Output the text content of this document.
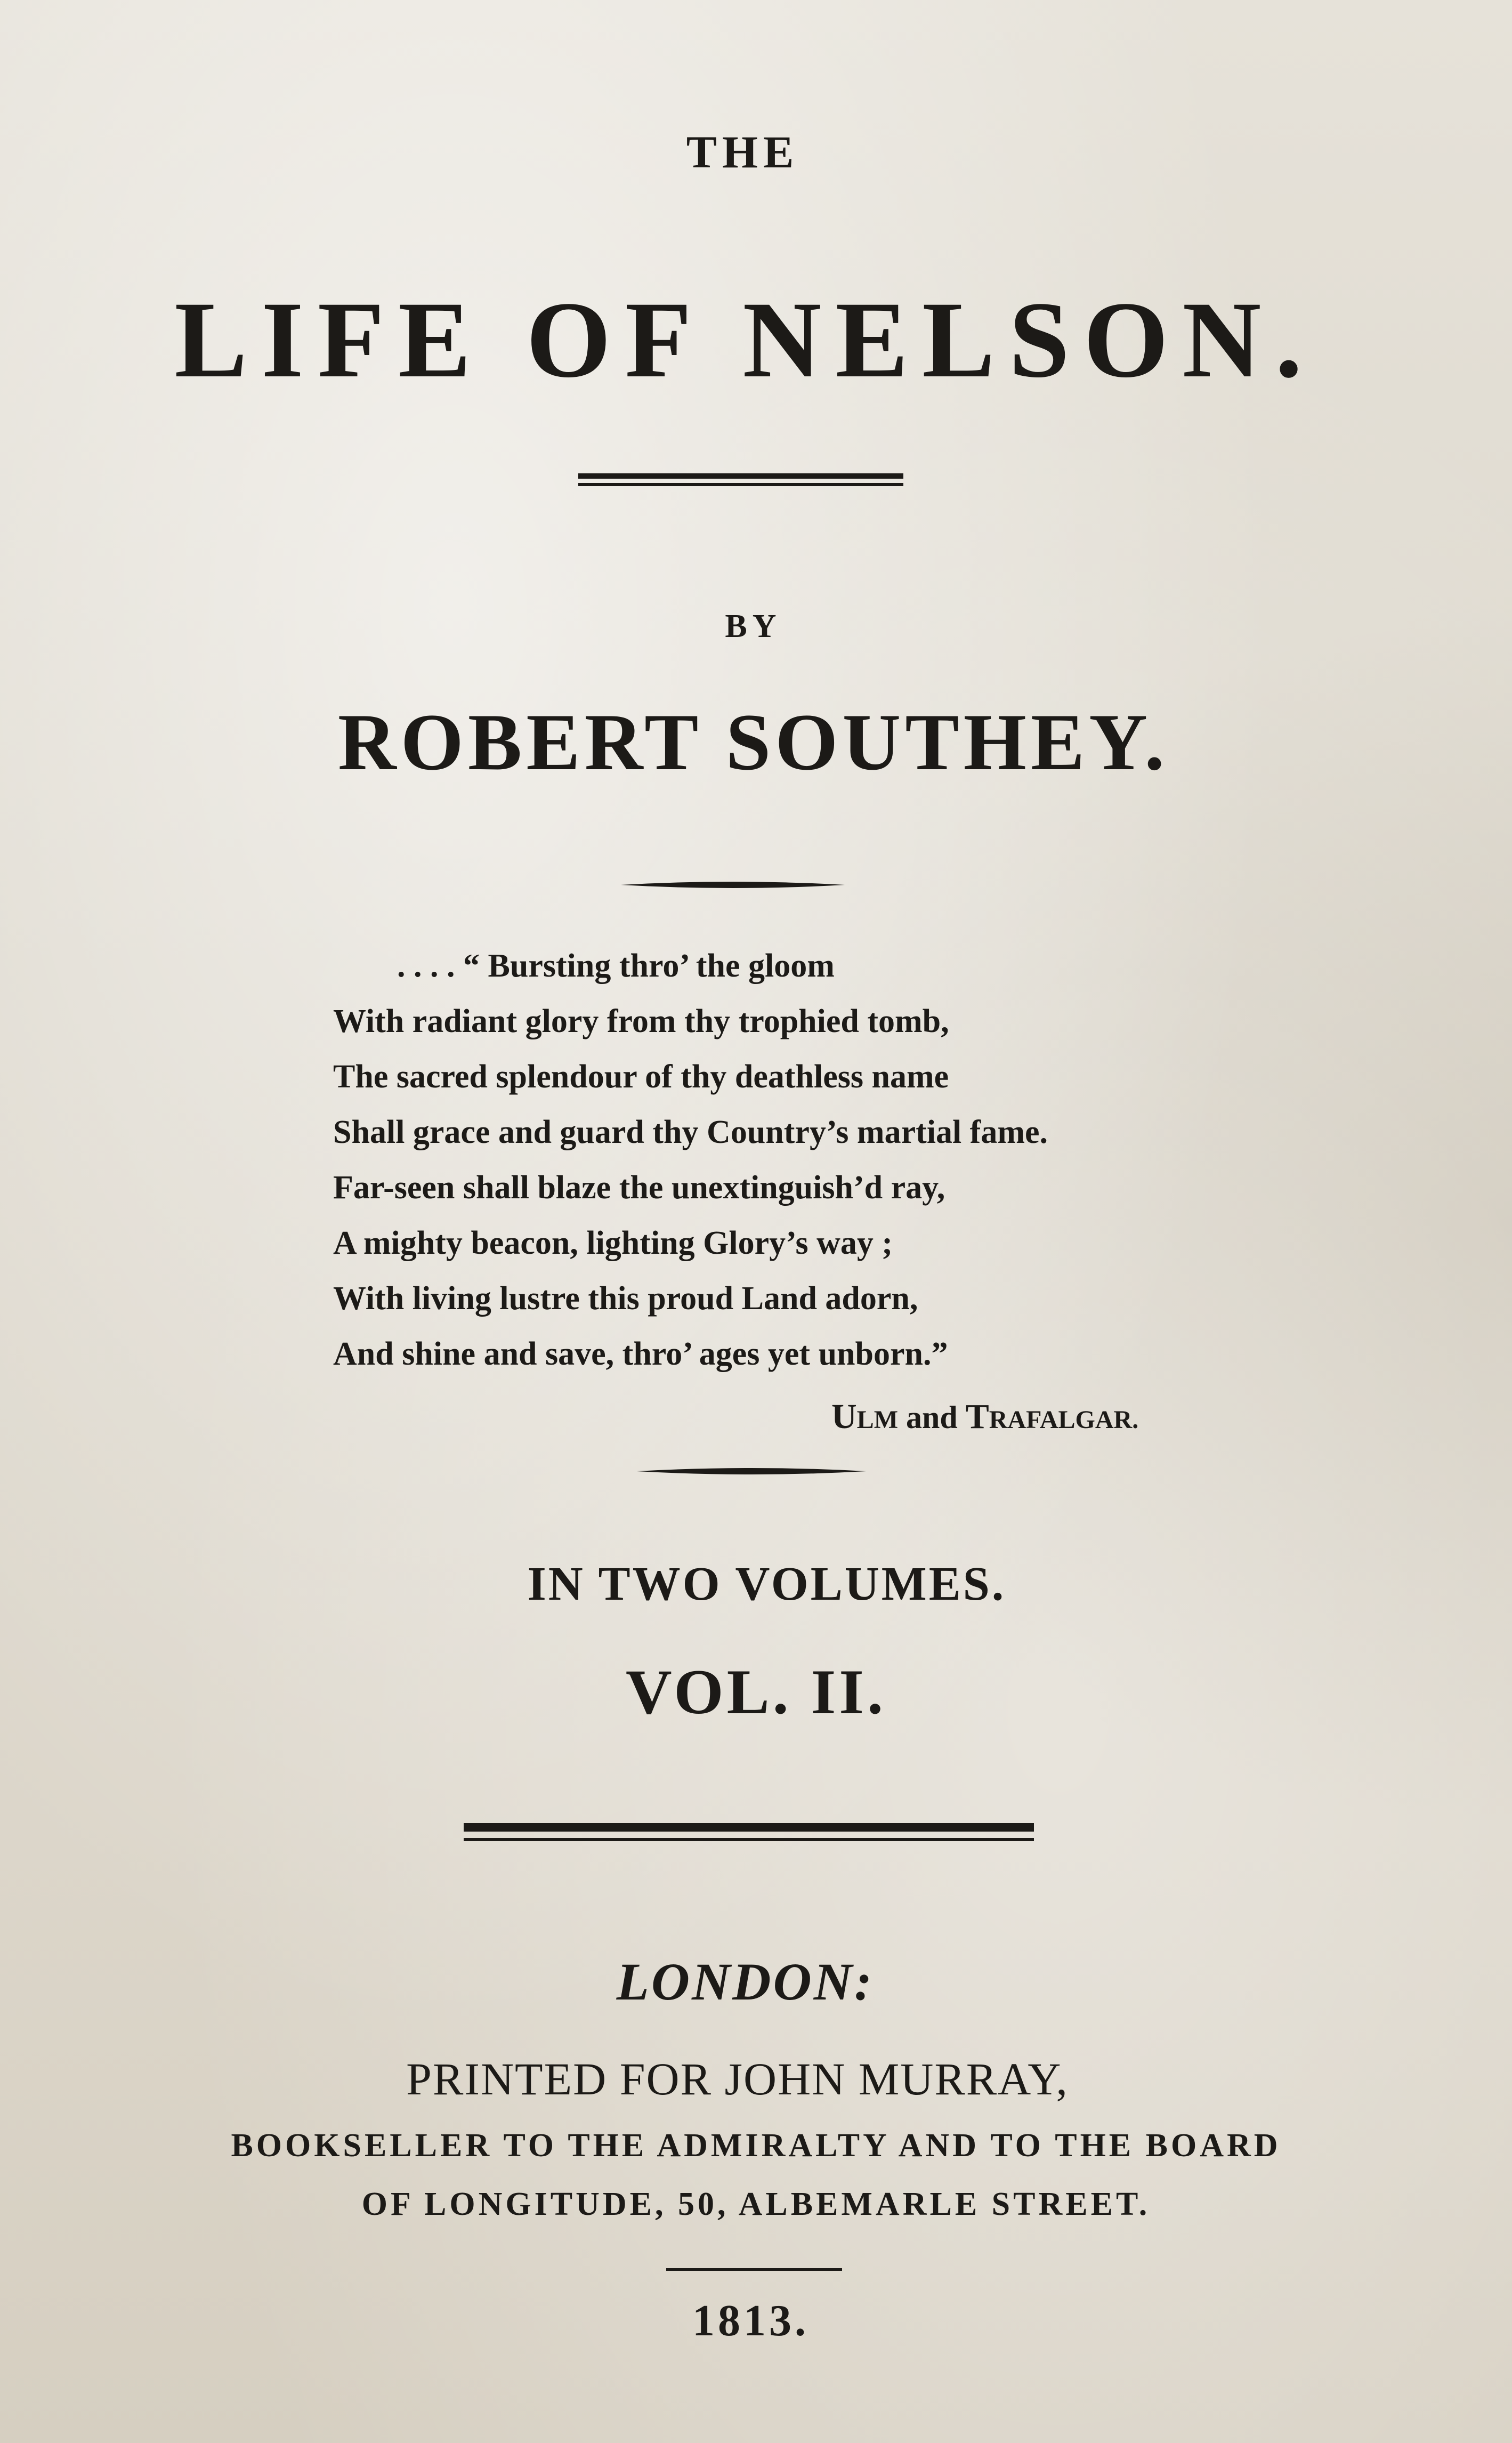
THE
LIFE OF NELSON.
BY
ROBERT SOUTHEY.
. . . . “ Bursting thro’ the gloom
With radiant glory from thy trophied tomb,
The sacred splendour of thy deathless name
Shall grace and guard thy Country’s martial fame.
Far-seen shall blaze the unextinguish’d ray,
A mighty beacon, lighting Glory’s way ;
With living lustre this proud Land adorn,
And shine and save, thro’ ages yet unborn.”
ULM and TRAFALGAR.
IN TWO VOLUMES.
VOL. II.
LONDON:
PRINTED FOR JOHN MURRAY,
BOOKSELLER TO THE ADMIRALTY AND TO THE BOARD
OF LONGITUDE, 50, ALBEMARLE STREET.
1813.
